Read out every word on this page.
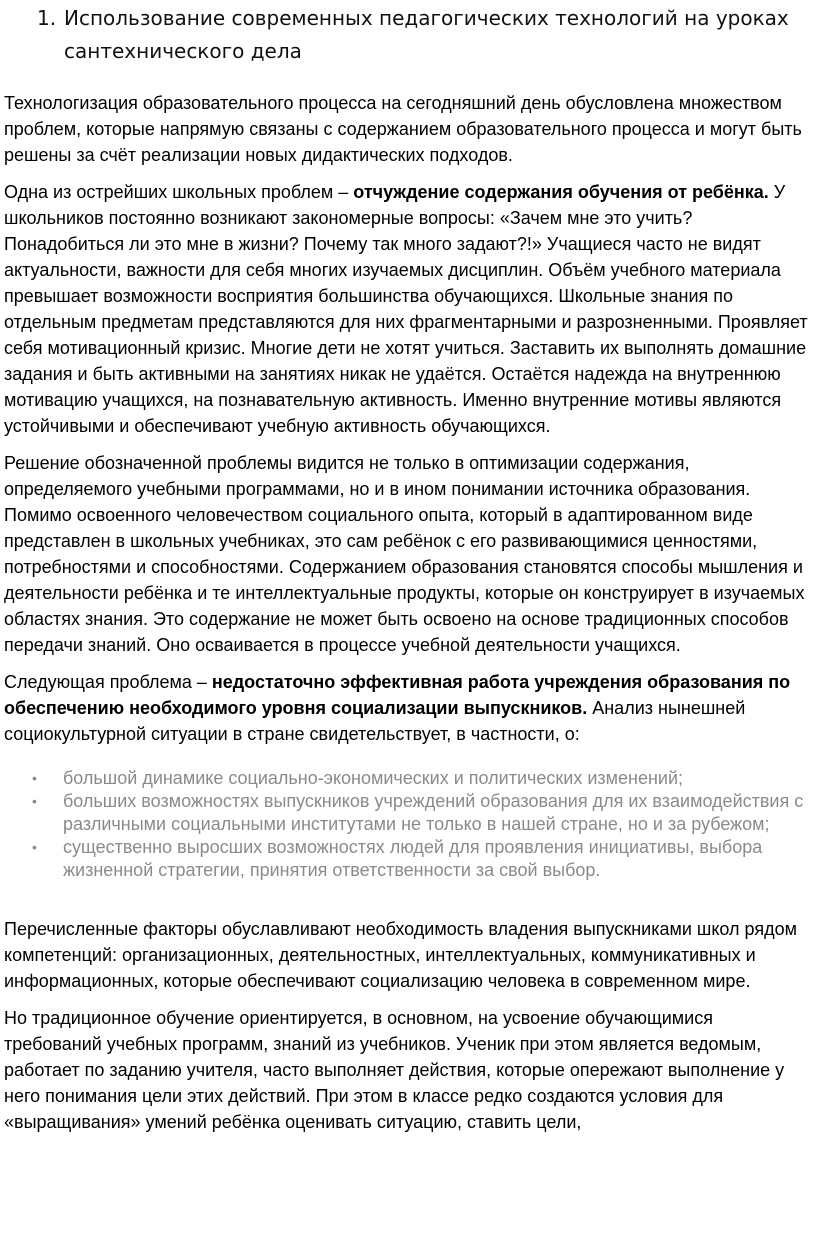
1. Использование современных педагогических технологий на уроках сантехнического дела

Технологизация образовательного процесса на сегодняшний день обусловлена множеством проблем, которые напрямую связаны с содержанием образовательного процесса и могут быть решены за счёт реализации новых дидактических подходов.

Одна из острейших школьных проблем – отчуждение содержания обучения от ребёнка. У школьников постоянно возникают закономерные вопросы: «Зачем мне это учить? Понадобиться ли это мне в жизни? Почему так много задают?!» Учащиеся часто не видят актуальности, важности для себя многих изучаемых дисциплин. Объём учебного материала превышает возможности восприятия большинства обучающихся. Школьные знания по отдельным предметам представляются для них фрагментарными и разрозненными. Проявляет себя мотивационный кризис. Многие дети не хотят учиться. Заставить их выполнять домашние задания и быть активными на занятиях никак не удаётся. Остаётся надежда на внутреннюю мотивацию учащихся, на познавательную активность. Именно внутренние мотивы являются устойчивыми и обеспечивают учебную активность обучающихся.

Решение обозначенной проблемы видится не только в оптимизации содержания, определяемого учебными программами, но и в ином понимании источника образования. Помимо освоенного человечеством социального опыта, который в адаптированном виде представлен в школьных учебниках, это сам ребёнок с его развивающимися ценностями, потребностями и способностями. Содержанием образования становятся способы мышления и деятельности ребёнка и те интеллектуальные продукты, которые он конструирует в изучаемых областях знания. Это содержание не может быть освоено на основе традиционных способов передачи знаний. Оно осваивается в процессе учебной деятельности учащихся.

Следующая проблема – недостаточно эффективная работа учреждения образования по обеспечению необходимого уровня социализации выпускников. Анализ нынешней социокультурной ситуации в стране свидетельствует, в частности, о:

• большой динамике социально-экономических и политических изменений;
• больших возможностях выпускников учреждений образования для их взаимодействия с различными социальными институтами не только в нашей стране, но и за рубежом;
• существенно выросших возможностях людей для проявления инициативы, выбора жизненной стратегии, принятия ответственности за свой выбор.

Перечисленные факторы обуславливают необходимость владения выпускниками школ рядом компетенций: организационных, деятельностных, интеллектуальных, коммуникативных и информационных, которые обеспечивают социализацию человека в современном мире.

Но традиционное обучение ориентируется, в основном, на усвоение обучающимися требований учебных программ, знаний из учебников. Ученик при этом является ведомым, работает по заданию учителя, часто выполняет действия, которые опережают выполнение у него понимания цели этих действий. При этом в классе редко создаются условия для «выращивания» умений ребёнка оценивать ситуацию, ставить цели,
